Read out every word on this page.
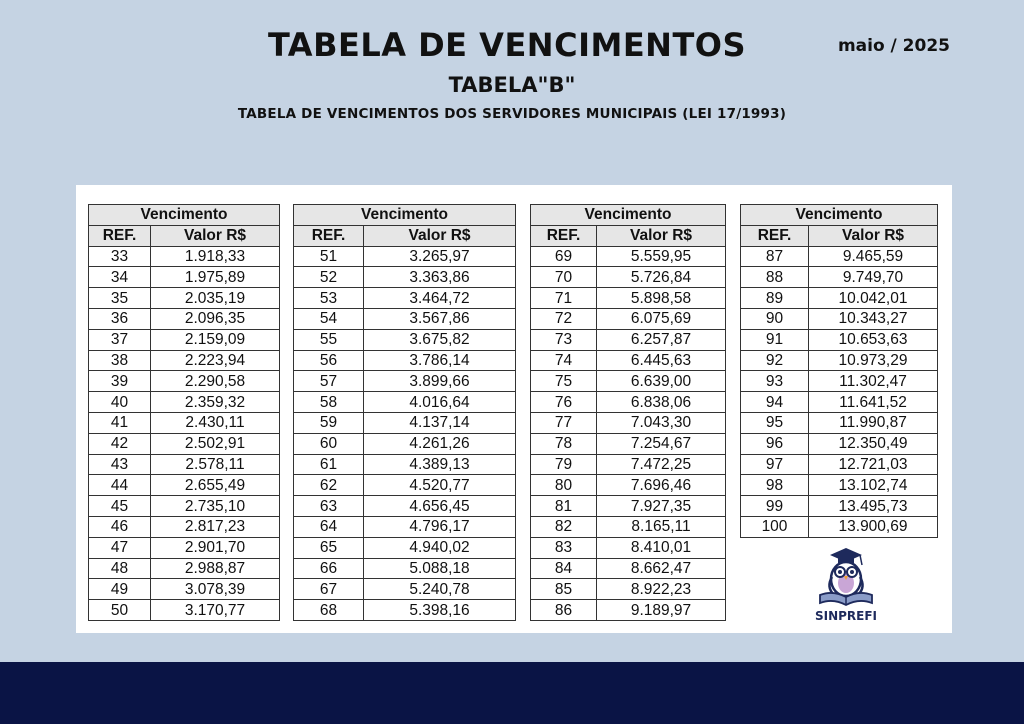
TABELA DE VENCIMENTOS	maio / 2025
TABELA"B"
TABELA DE VENCIMENTOS DOS SERVIDORES MUNICIPAIS (LEI 17/1993)
Vencimento	
REF.	Valor R$
33	1.918,33
34	1.975,89
35	2.035,19
36	2.096,35
37	2.159,09
38	2.223,94
39	2.290,58
40	2.359,32
41	2.430,11
42	2.502,91
43	2.578,11
44	2.655,49
45	2.735,10
46	2.817,23
47	2.901,70
48	2.988,87
49	3.078,39
50	3.170,77
Vencimento	
REF.	Valor R$
51	3.265,97
52	3.363,86
53	3.464,72
54	3.567,86
55	3.675,82
56	3.786,14
57	3.899,66
58	4.016,64
59	4.137,14
60	4.261,26
61	4.389,13
62	4.520,77
63	4.656,45
64	4.796,17
65	4.940,02
66	5.088,18
67	5.240,78
68	5.398,16
Vencimento	
REF.	Valor R$
69	5.559,95
70	5.726,84
71	5.898,58
72	6.075,69
73	6.257,87
74	6.445,63
75	6.639,00
76	6.838,06
77	7.043,30
78	7.254,67
79	7.472,25
80	7.696,46
81	7.927,35
82	8.165,11
83	8.410,01
84	8.662,47
85	8.922,23
86	9.189,97
Vencimento	
REF.	Valor R$
87	9.465,59
88	9.749,70
89	10.042,01
90	10.343,27
91	10.653,63
92	10.973,29
93	11.302,47
94	11.641,52
95	11.990,87
96	12.350,49
97	12.721,03
98	13.102,74
99	13.495,73
100	13.900,69
SINPREFI
